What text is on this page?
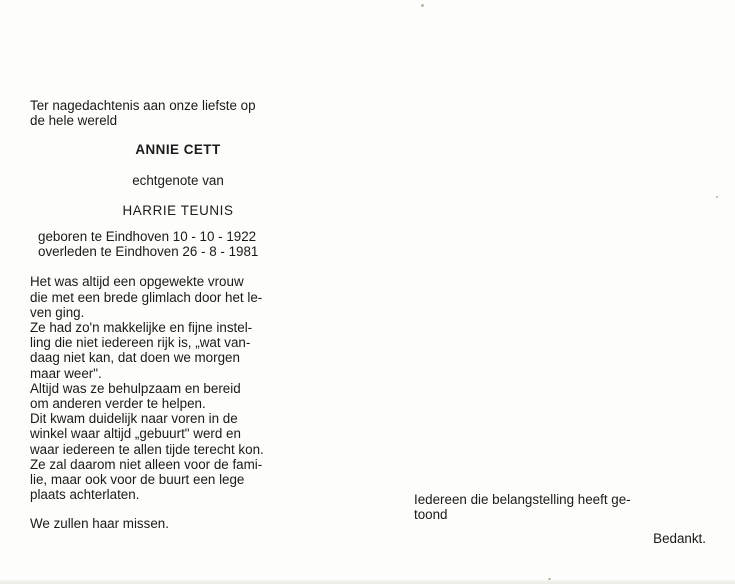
Ter nagedachtenis aan onze liefste op
de hele wereld
ANNIE CETT
echtgenote van
HARRIE TEUNIS
geboren te Eindhoven 10 - 10 - 1922
overleden te Eindhoven 26 - 8 - 1981
Het was altijd een opgewekte vrouw
die met een brede glimlach door het le-
ven ging.
Ze had zo'n makkelijke en fijne instel-
ling die niet iedereen rijk is, „wat van-
daag niet kan, dat doen we morgen
maar weer".
Altijd was ze behulpzaam en bereid
om anderen verder te helpen.
Dit kwam duidelijk naar voren in de
winkel waar altijd „gebuurt" werd en
waar iedereen te allen tijde terecht kon.
Ze zal daarom niet alleen voor de fami-
lie, maar ook voor de buurt een lege
plaats achterlaten.
We zullen haar missen.
Iedereen die belangstelling heeft ge-
toond
Bedankt.
